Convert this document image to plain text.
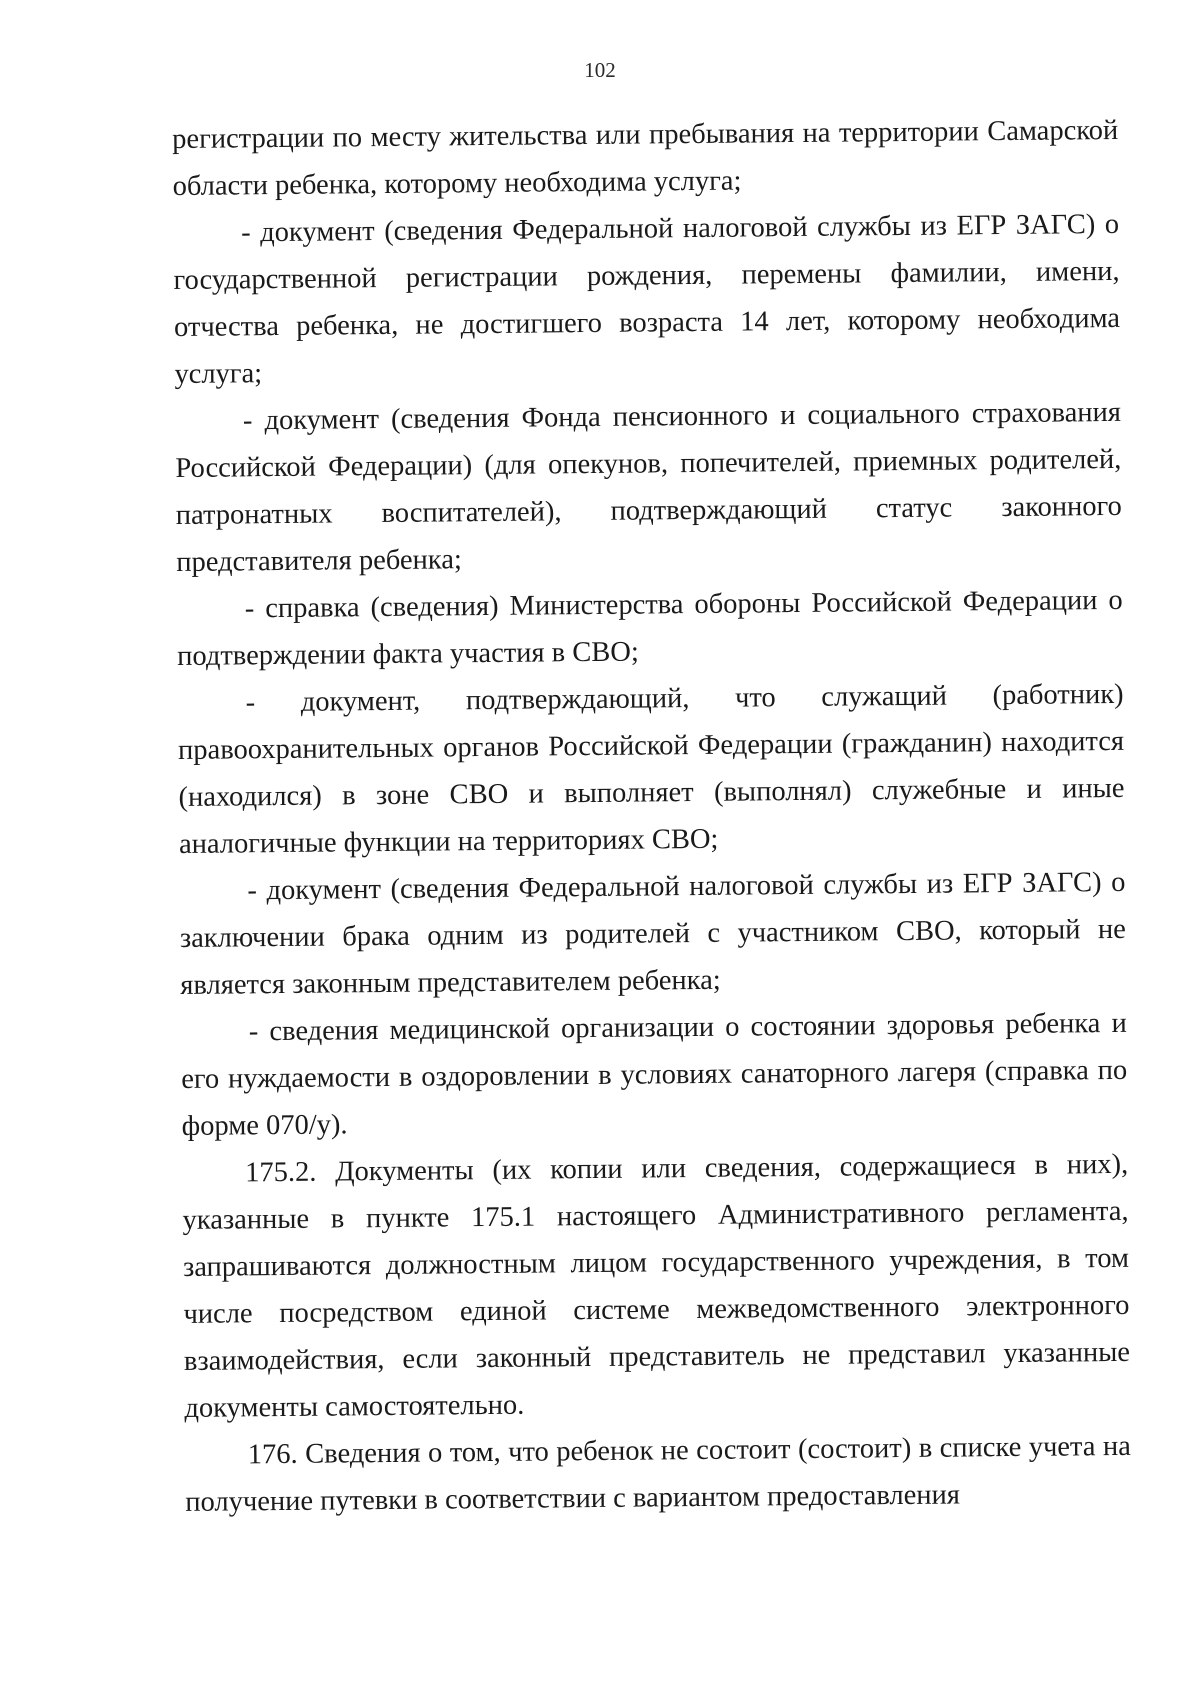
102

регистрации по месту жительства или пребывания на территории Самарской области ребенка, которому необходима услуга;

- документ (сведения Федеральной налоговой службы из ЕГР ЗАГС) о государственной регистрации рождения, перемены фамилии, имени, отчества ребенка, не достигшего возраста 14 лет, которому необходима услуга;

- документ (сведения Фонда пенсионного и социального страхования Российской Федерации) (для опекунов, попечителей, приемных родителей, патронатных воспитателей), подтверждающий статус законного представителя ребенка;

- справка (сведения) Министерства обороны Российской Федерации о подтверждении факта участия в СВО;

- документ, подтверждающий, что служащий (работник) правоохранительных органов Российской Федерации (гражданин) находится (находился) в зоне СВО и выполняет (выполнял) служебные и иные аналогичные функции на территориях СВО;

- документ (сведения Федеральной налоговой службы из ЕГР ЗАГС) о заключении брака одним из родителей с участником СВО, который не является законным представителем ребенка;

- сведения медицинской организации о состоянии здоровья ребенка и его нуждаемости в оздоровлении в условиях санаторного лагеря (справка по форме 070/у).

175.2. Документы (их копии или сведения, содержащиеся в них), указанные в пункте 175.1 настоящего Административного регламента, запрашиваются должностным лицом государственного учреждения, в том числе посредством единой системе межведомственного электронного взаимодействия, если законный представитель не представил указанные документы самостоятельно.

176. Сведения о том, что ребенок не состоит (состоит) в списке учета на получение путевки в соответствии с вариантом предоставления
